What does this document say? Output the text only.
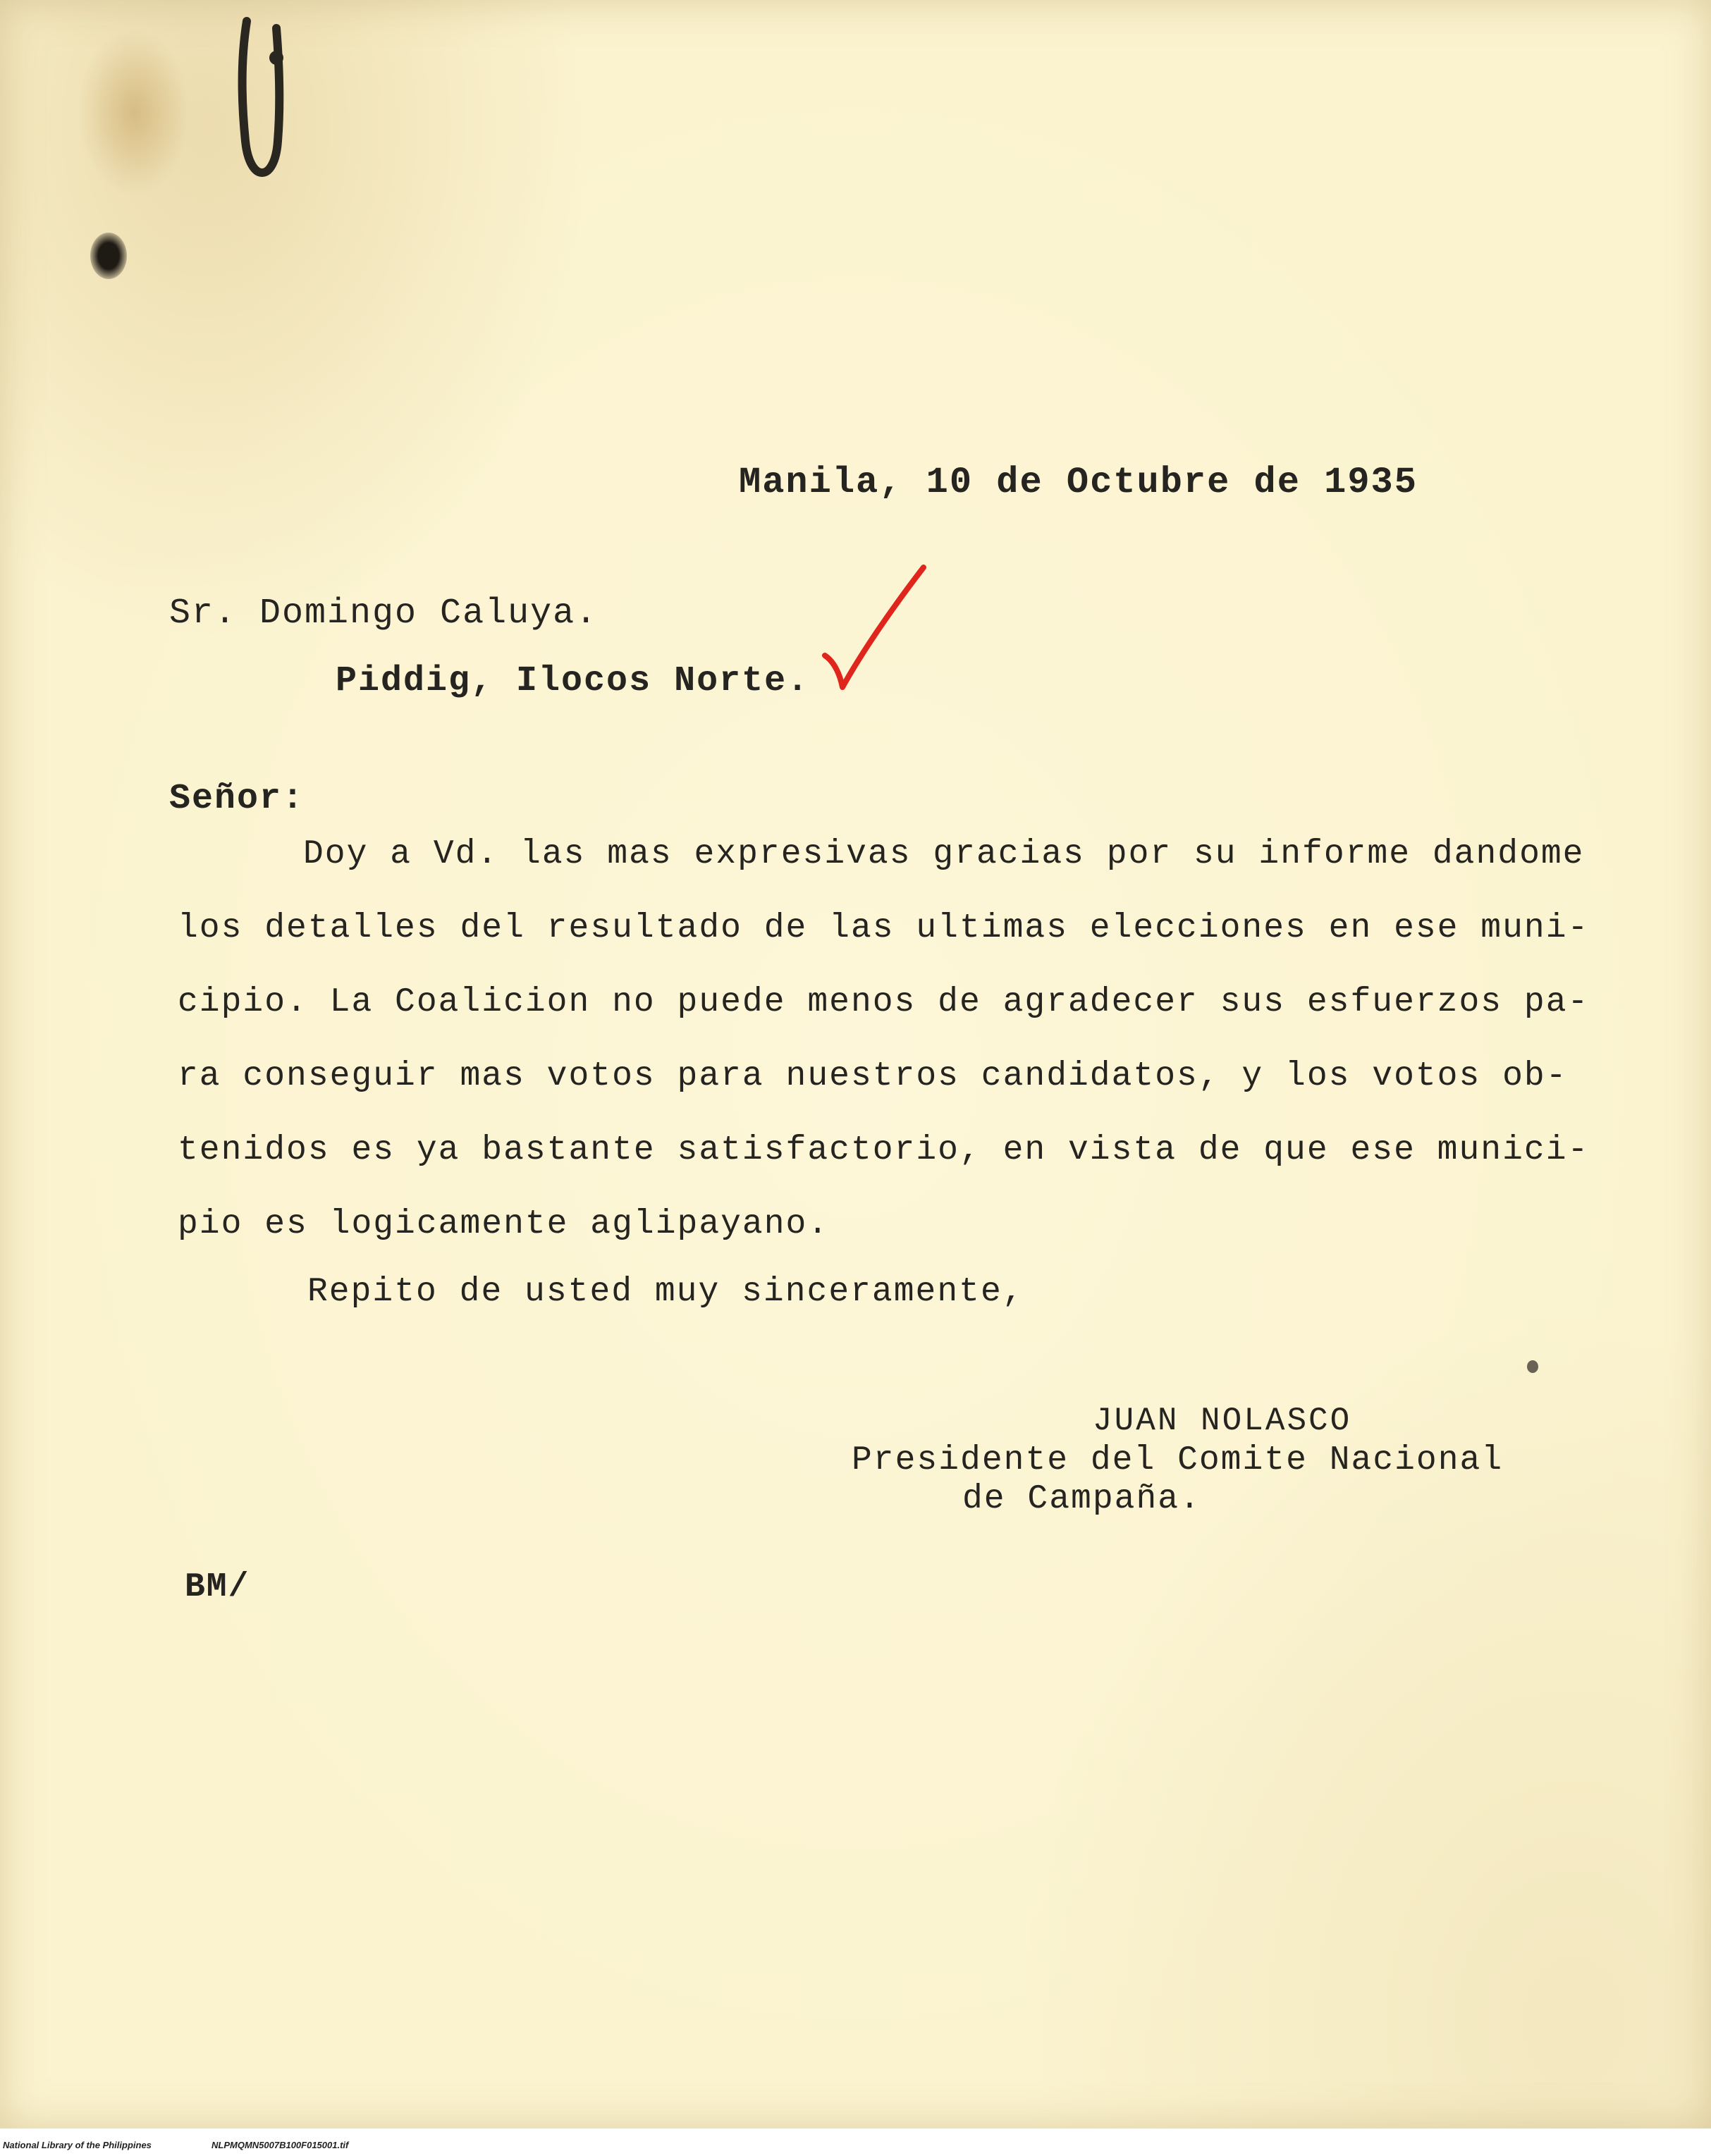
Manila, 10 de Octubre de 1935
Sr. Domingo Caluya.
Piddig, Ilocos Norte.
Señor:
Doy a Vd. las mas expresivas gracias por su informe dandome
los detalles del resultado de las ultimas elecciones en ese muni-
cipio. La Coalicion no puede menos de agradecer sus esfuerzos pa-
ra conseguir mas votos para nuestros candidatos, y los votos ob-
tenidos es ya bastante satisfactorio, en vista de que ese munici-
pio es logicamente aglipayano.
Repito de usted muy sinceramente,
JUAN NOLASCO
Presidente del Comite Nacional
de Campaña.
BM/
National Library of the Philippines	NLPMQMN5007B100F015001.tif
